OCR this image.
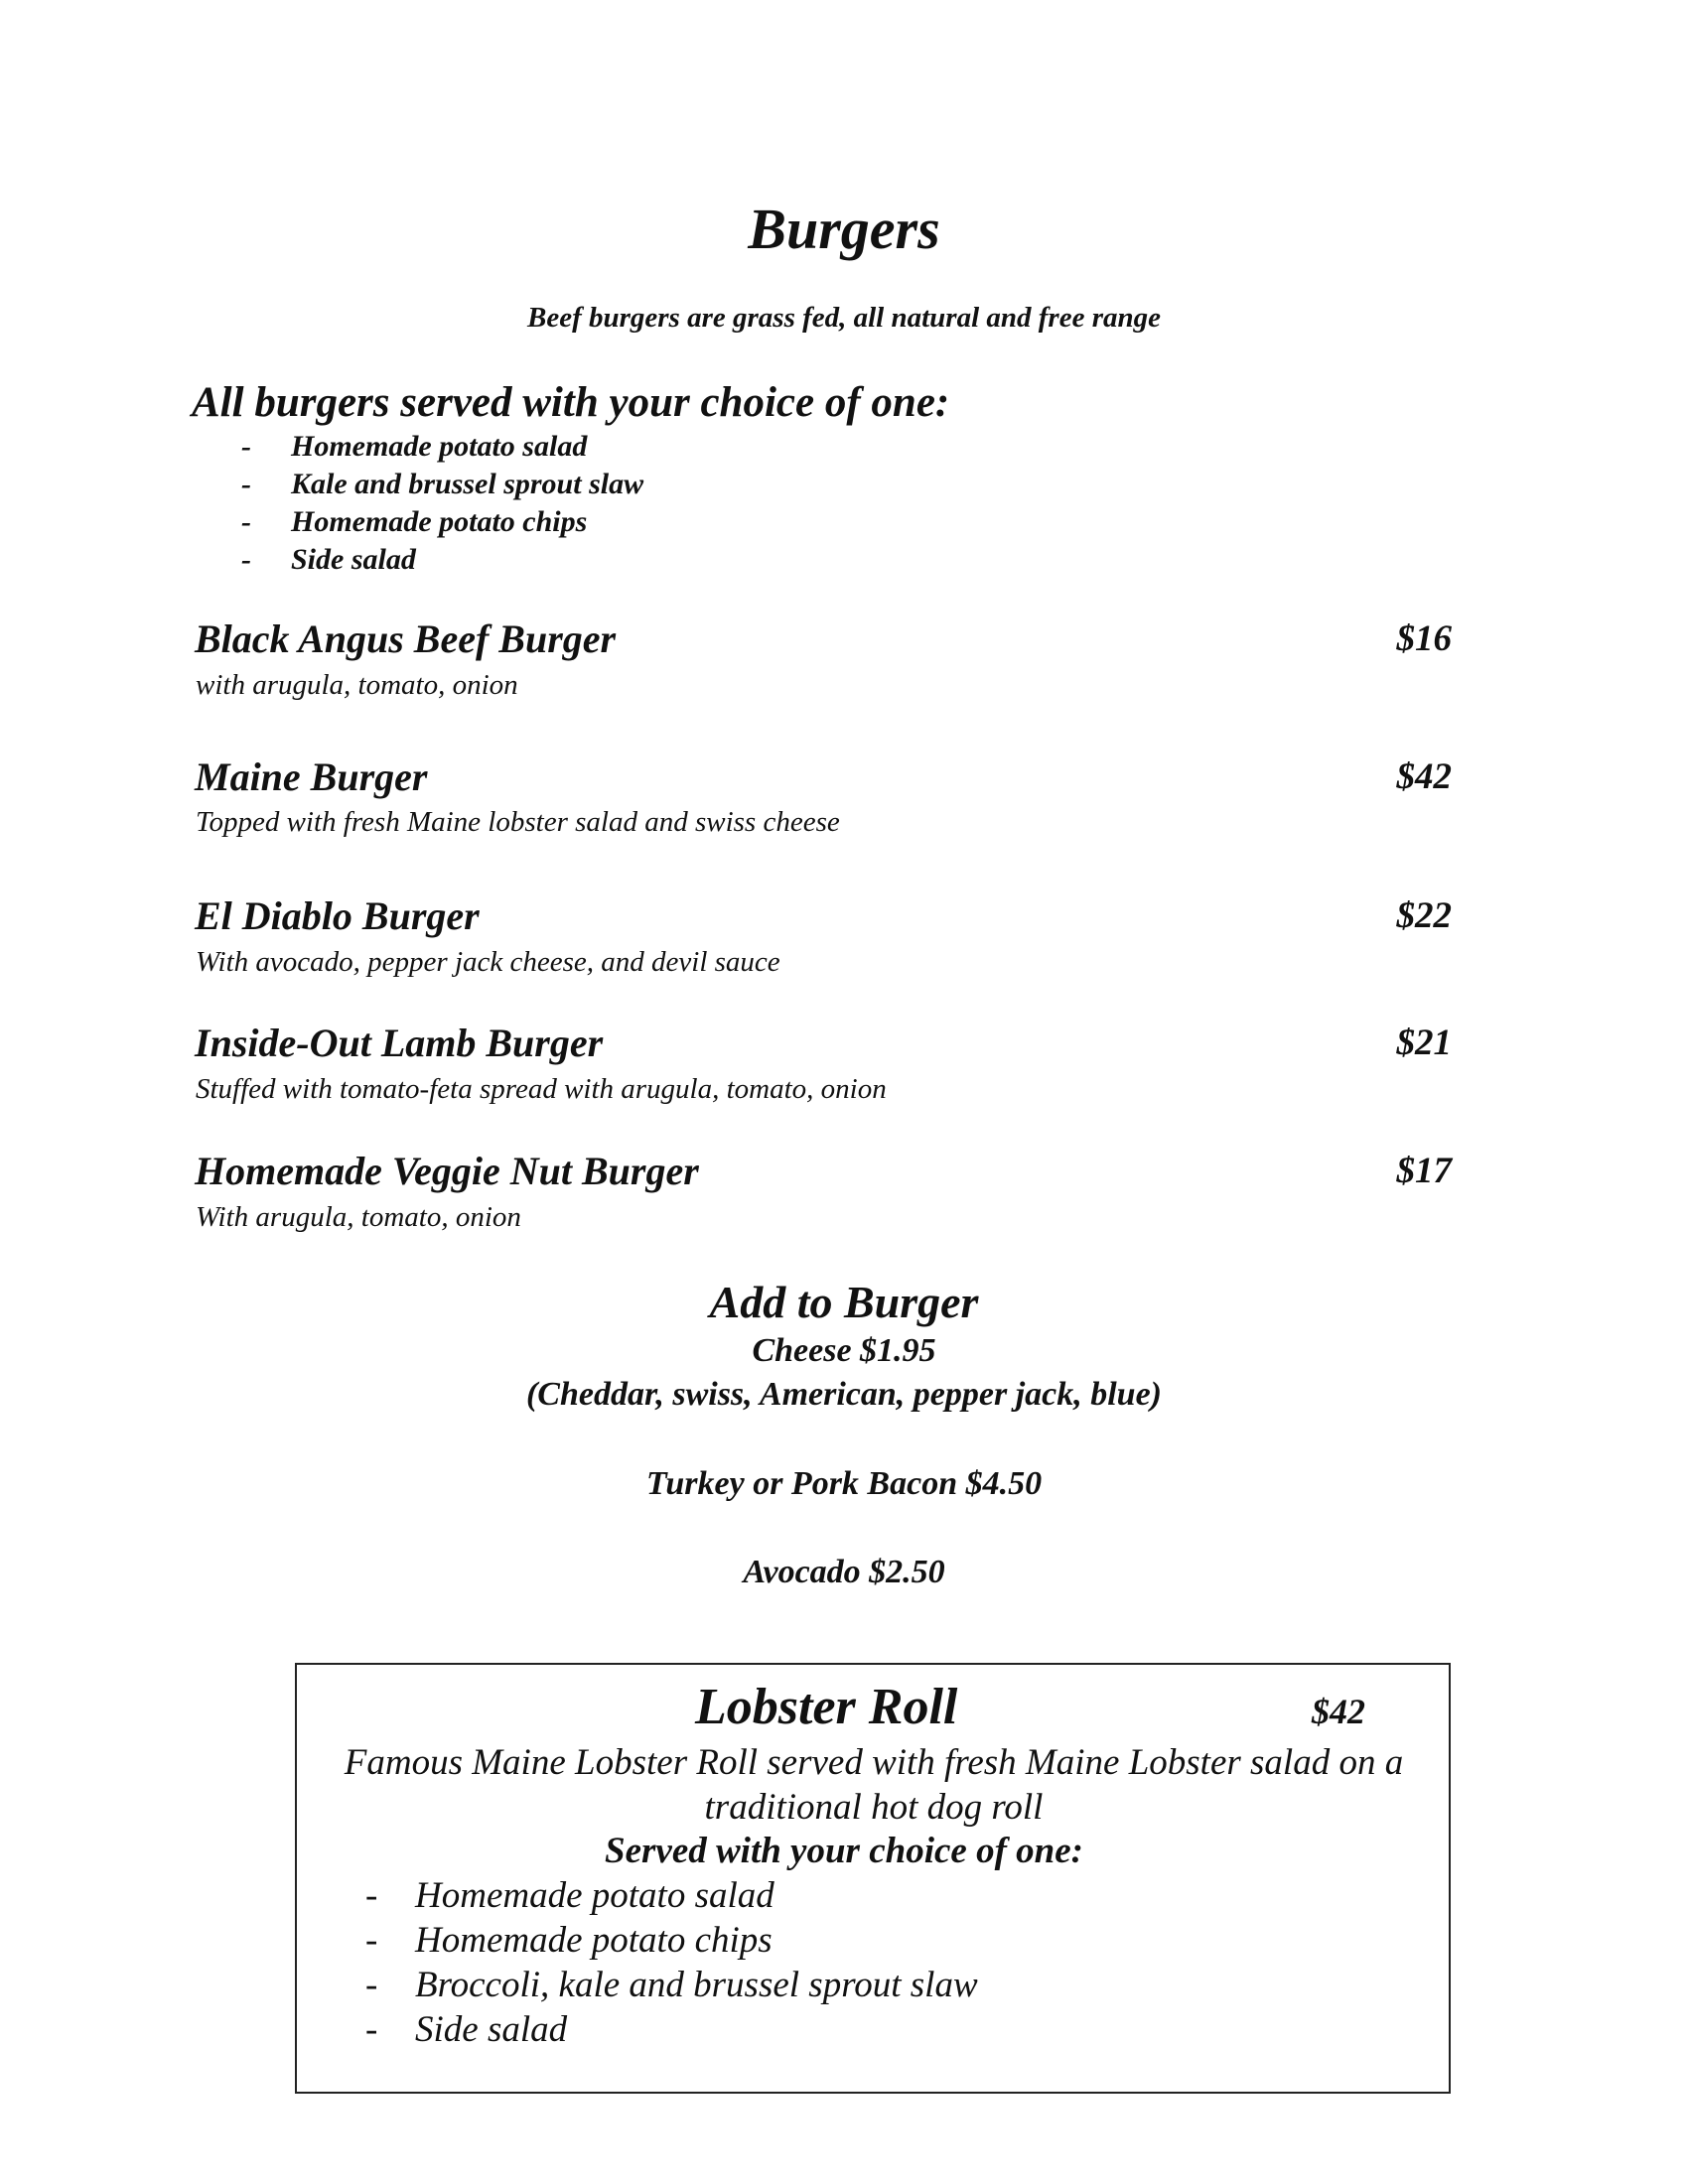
Burgers
Beef burgers are grass fed, all natural and free range
All burgers served with your choice of one:
- Homemade potato salad
- Kale and brussel sprout slaw
- Homemade potato chips
- Side salad
Black Angus Beef Burger	$16
with arugula, tomato, onion
Maine Burger	$42
Topped with fresh Maine lobster salad and swiss cheese
El Diablo Burger	$22
With avocado, pepper jack cheese, and devil sauce
Inside-Out Lamb Burger	$21
Stuffed with tomato-feta spread with arugula, tomato, onion
Homemade Veggie Nut Burger	$17
With arugula, tomato, onion
Add to Burger
Cheese $1.95
(Cheddar, swiss, American, pepper jack, blue)
Turkey or Pork Bacon $4.50
Avocado $2.50
Lobster Roll	$42
Famous Maine Lobster Roll served with fresh Maine Lobster salad on a traditional hot dog roll
Served with your choice of one:
- Homemade potato salad
- Homemade potato chips
- Broccoli, kale and brussel sprout slaw
- Side salad
